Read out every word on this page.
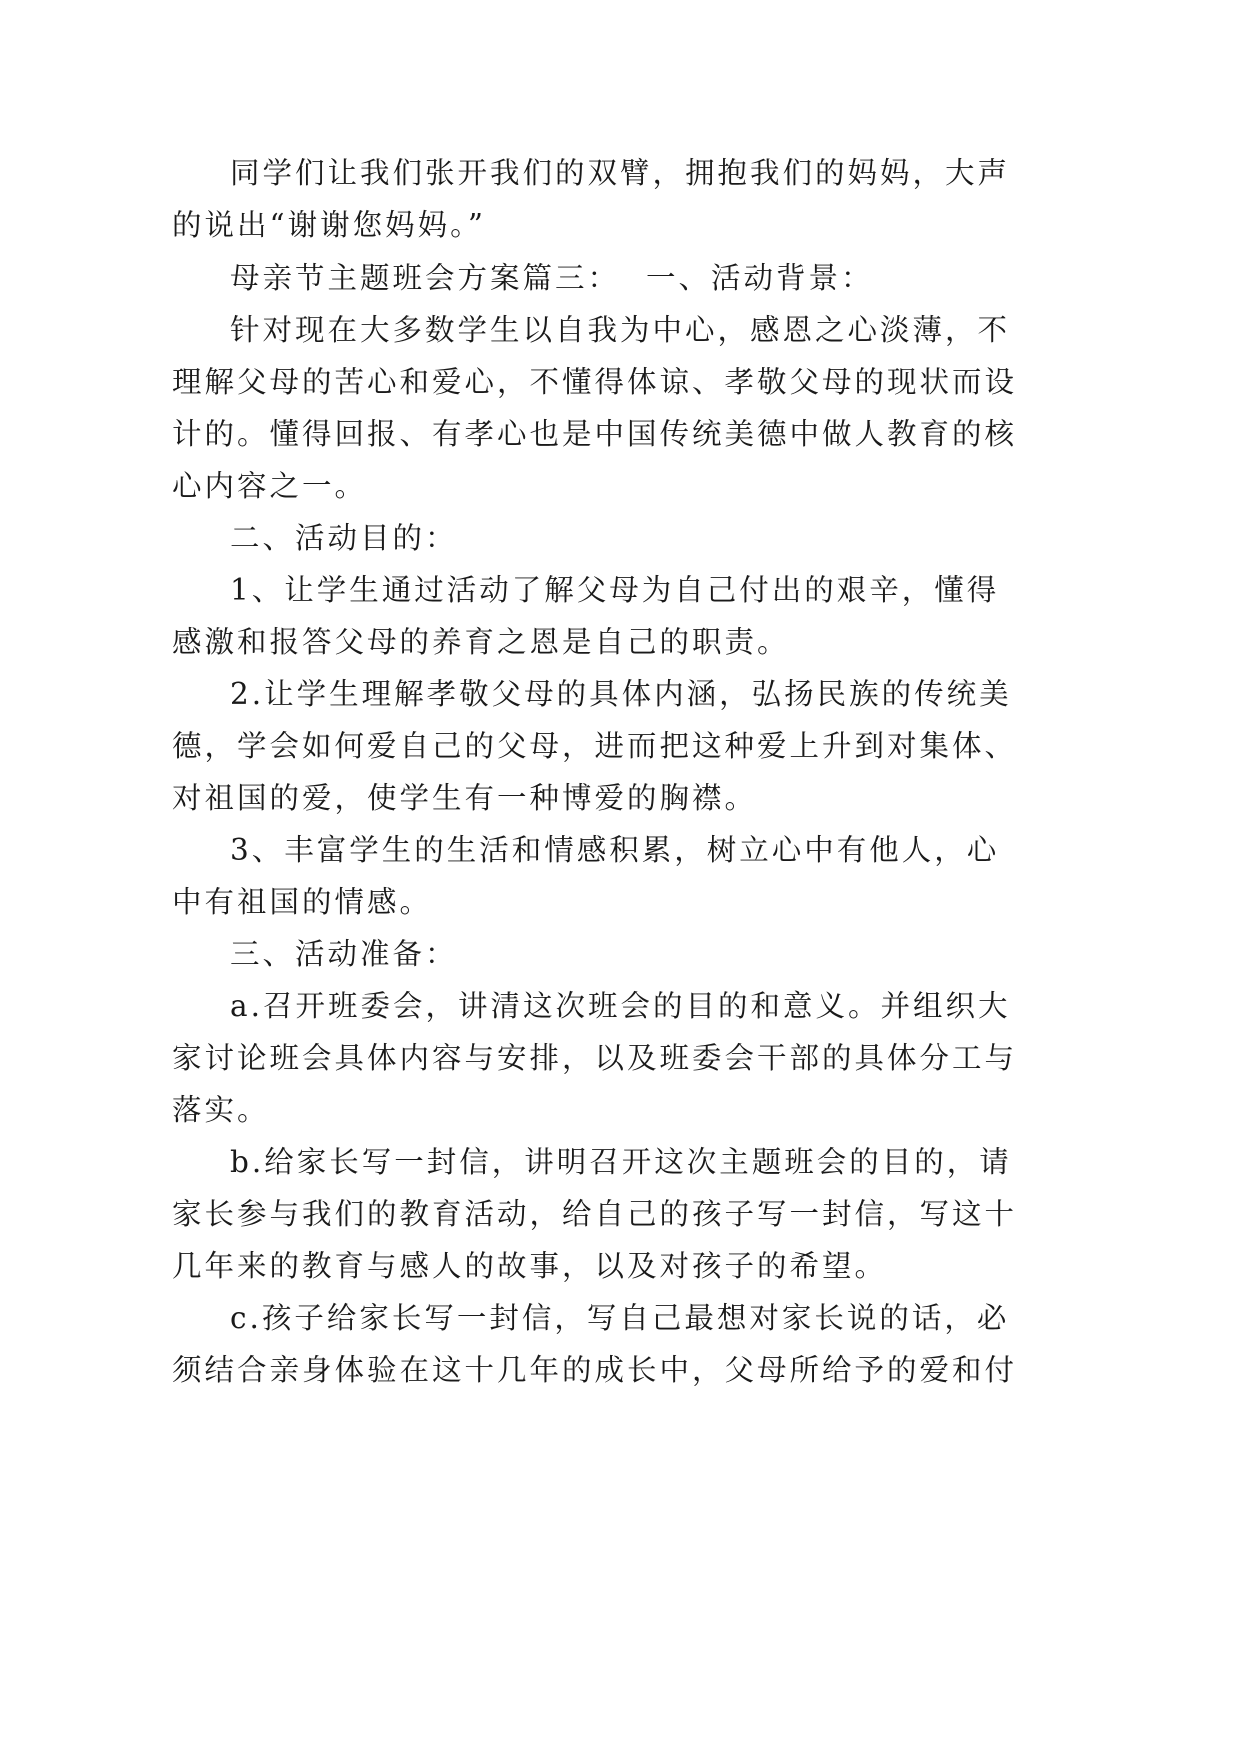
同学们让我们张开我们的双臂，拥抱我们的妈妈，大声
的说出“谢谢您妈妈。”
母亲节主题班会方案篇三： 一、活动背景：
针对现在大多数学生以自我为中心，感恩之心淡薄，不
理解父母的苦心和爱心，不懂得体谅、孝敬父母的现状而设
计的。懂得回报、有孝心也是中国传统美德中做人教育的核
心内容之一。
二、活动目的：
1、让学生通过活动了解父母为自己付出的艰辛，懂得
感激和报答父母的养育之恩是自己的职责。
2.让学生理解孝敬父母的具体内涵，弘扬民族的传统美
德，学会如何爱自己的父母，进而把这种爱上升到对集体、
对祖国的爱，使学生有一种博爱的胸襟。
3、丰富学生的生活和情感积累，树立心中有他人，心
中有祖国的情感。
三、活动准备：
a.召开班委会，讲清这次班会的目的和意义。并组织大
家讨论班会具体内容与安排，以及班委会干部的具体分工与
落实。
b.给家长写一封信，讲明召开这次主题班会的目的，请
家长参与我们的教育活动，给自己的孩子写一封信，写这十
几年来的教育与感人的故事，以及对孩子的希望。
c.孩子给家长写一封信，写自己最想对家长说的话，必
须结合亲身体验在这十几年的成长中，父母所给予的爱和付
